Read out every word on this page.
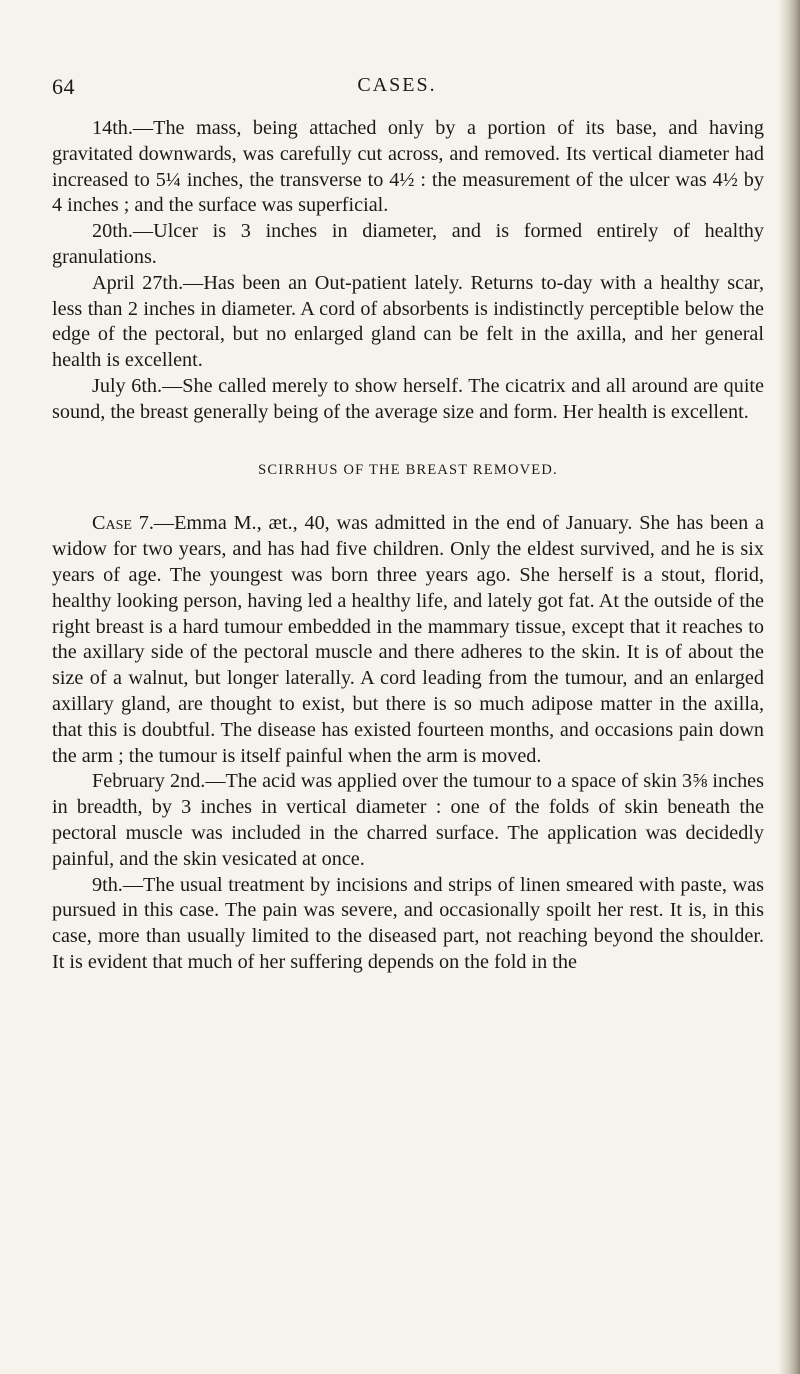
64	CASES.

14th.—The mass, being attached only by a portion of its base, and having gravitated downwards, was carefully cut across, and removed. Its vertical diameter had increased to 5¼ inches, the transverse to 4½ : the measurement of the ulcer was 4½ by 4 inches ; and the surface was superficial.

20th.—Ulcer is 3 inches in diameter, and is formed entirely of healthy granulations.

April 27th.—Has been an Out-patient lately. Returns to-day with a healthy scar, less than 2 inches in diameter. A cord of absorbents is indistinctly perceptible below the edge of the pectoral, but no enlarged gland can be felt in the axilla, and her general health is excellent.

July 6th.—She called merely to show herself. The cicatrix and all around are quite sound, the breast generally being of the average size and form. Her health is excellent.

SCIRRHUS OF THE BREAST REMOVED.

Case 7.—Emma M., æt., 40, was admitted in the end of January. She has been a widow for two years, and has had five children. Only the eldest survived, and he is six years of age. The youngest was born three years ago. She herself is a stout, florid, healthy looking person, having led a healthy life, and lately got fat. At the outside of the right breast is a hard tumour embedded in the mammary tissue, except that it reaches to the axillary side of the pectoral muscle and there adheres to the skin. It is of about the size of a walnut, but longer laterally. A cord leading from the tumour, and an enlarged axillary gland, are thought to exist, but there is so much adipose matter in the axilla, that this is doubtful. The disease has existed fourteen months, and occasions pain down the arm ; the tumour is itself painful when the arm is moved.

February 2nd.—The acid was applied over the tumour to a space of skin 3⅝ inches in breadth, by 3 inches in vertical diameter : one of the folds of skin beneath the pectoral muscle was included in the charred surface. The application was decidedly painful, and the skin vesicated at once.

9th.—The usual treatment by incisions and strips of linen smeared with paste, was pursued in this case. The pain was severe, and occasionally spoilt her rest. It is, in this case, more than usually limited to the diseased part, not reaching beyond the shoulder. It is evident that much of her suffering depends on the fold in the
